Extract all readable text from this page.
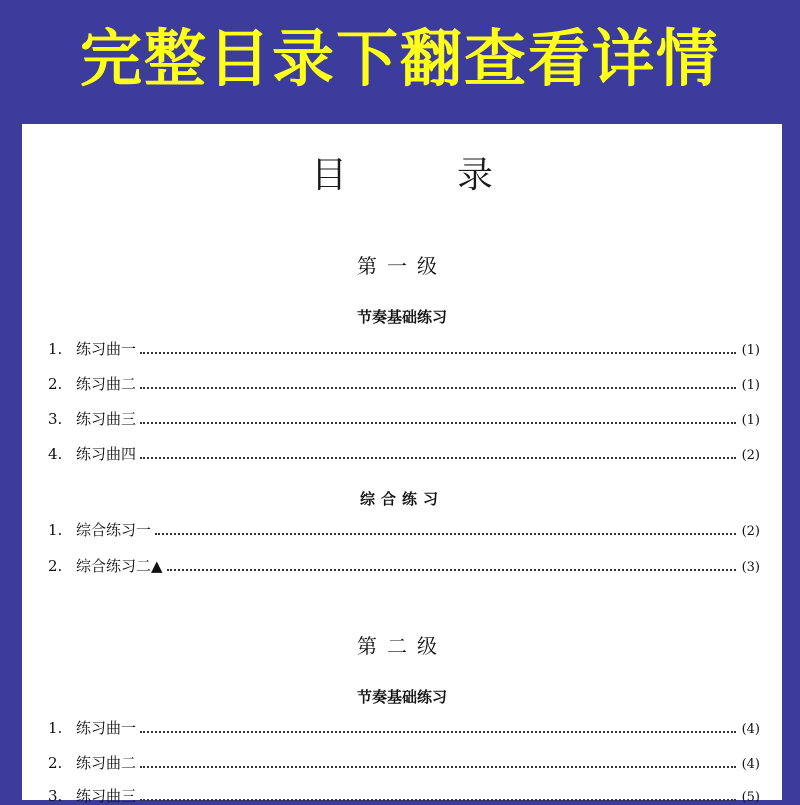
完整目录下翻查看详情
目	录
第一级
节奏基础练习
1. 练习曲一	(1)
2. 练习曲二	(1)
3. 练习曲三	(1)
4. 练习曲四	(2)
综合练习
1. 综合练习一	(2)
2. 综合练习二▲	(3)
第二级
节奏基础练习
1. 练习曲一	(4)
2. 练习曲二	(4)
3. 练习曲三	(5)
